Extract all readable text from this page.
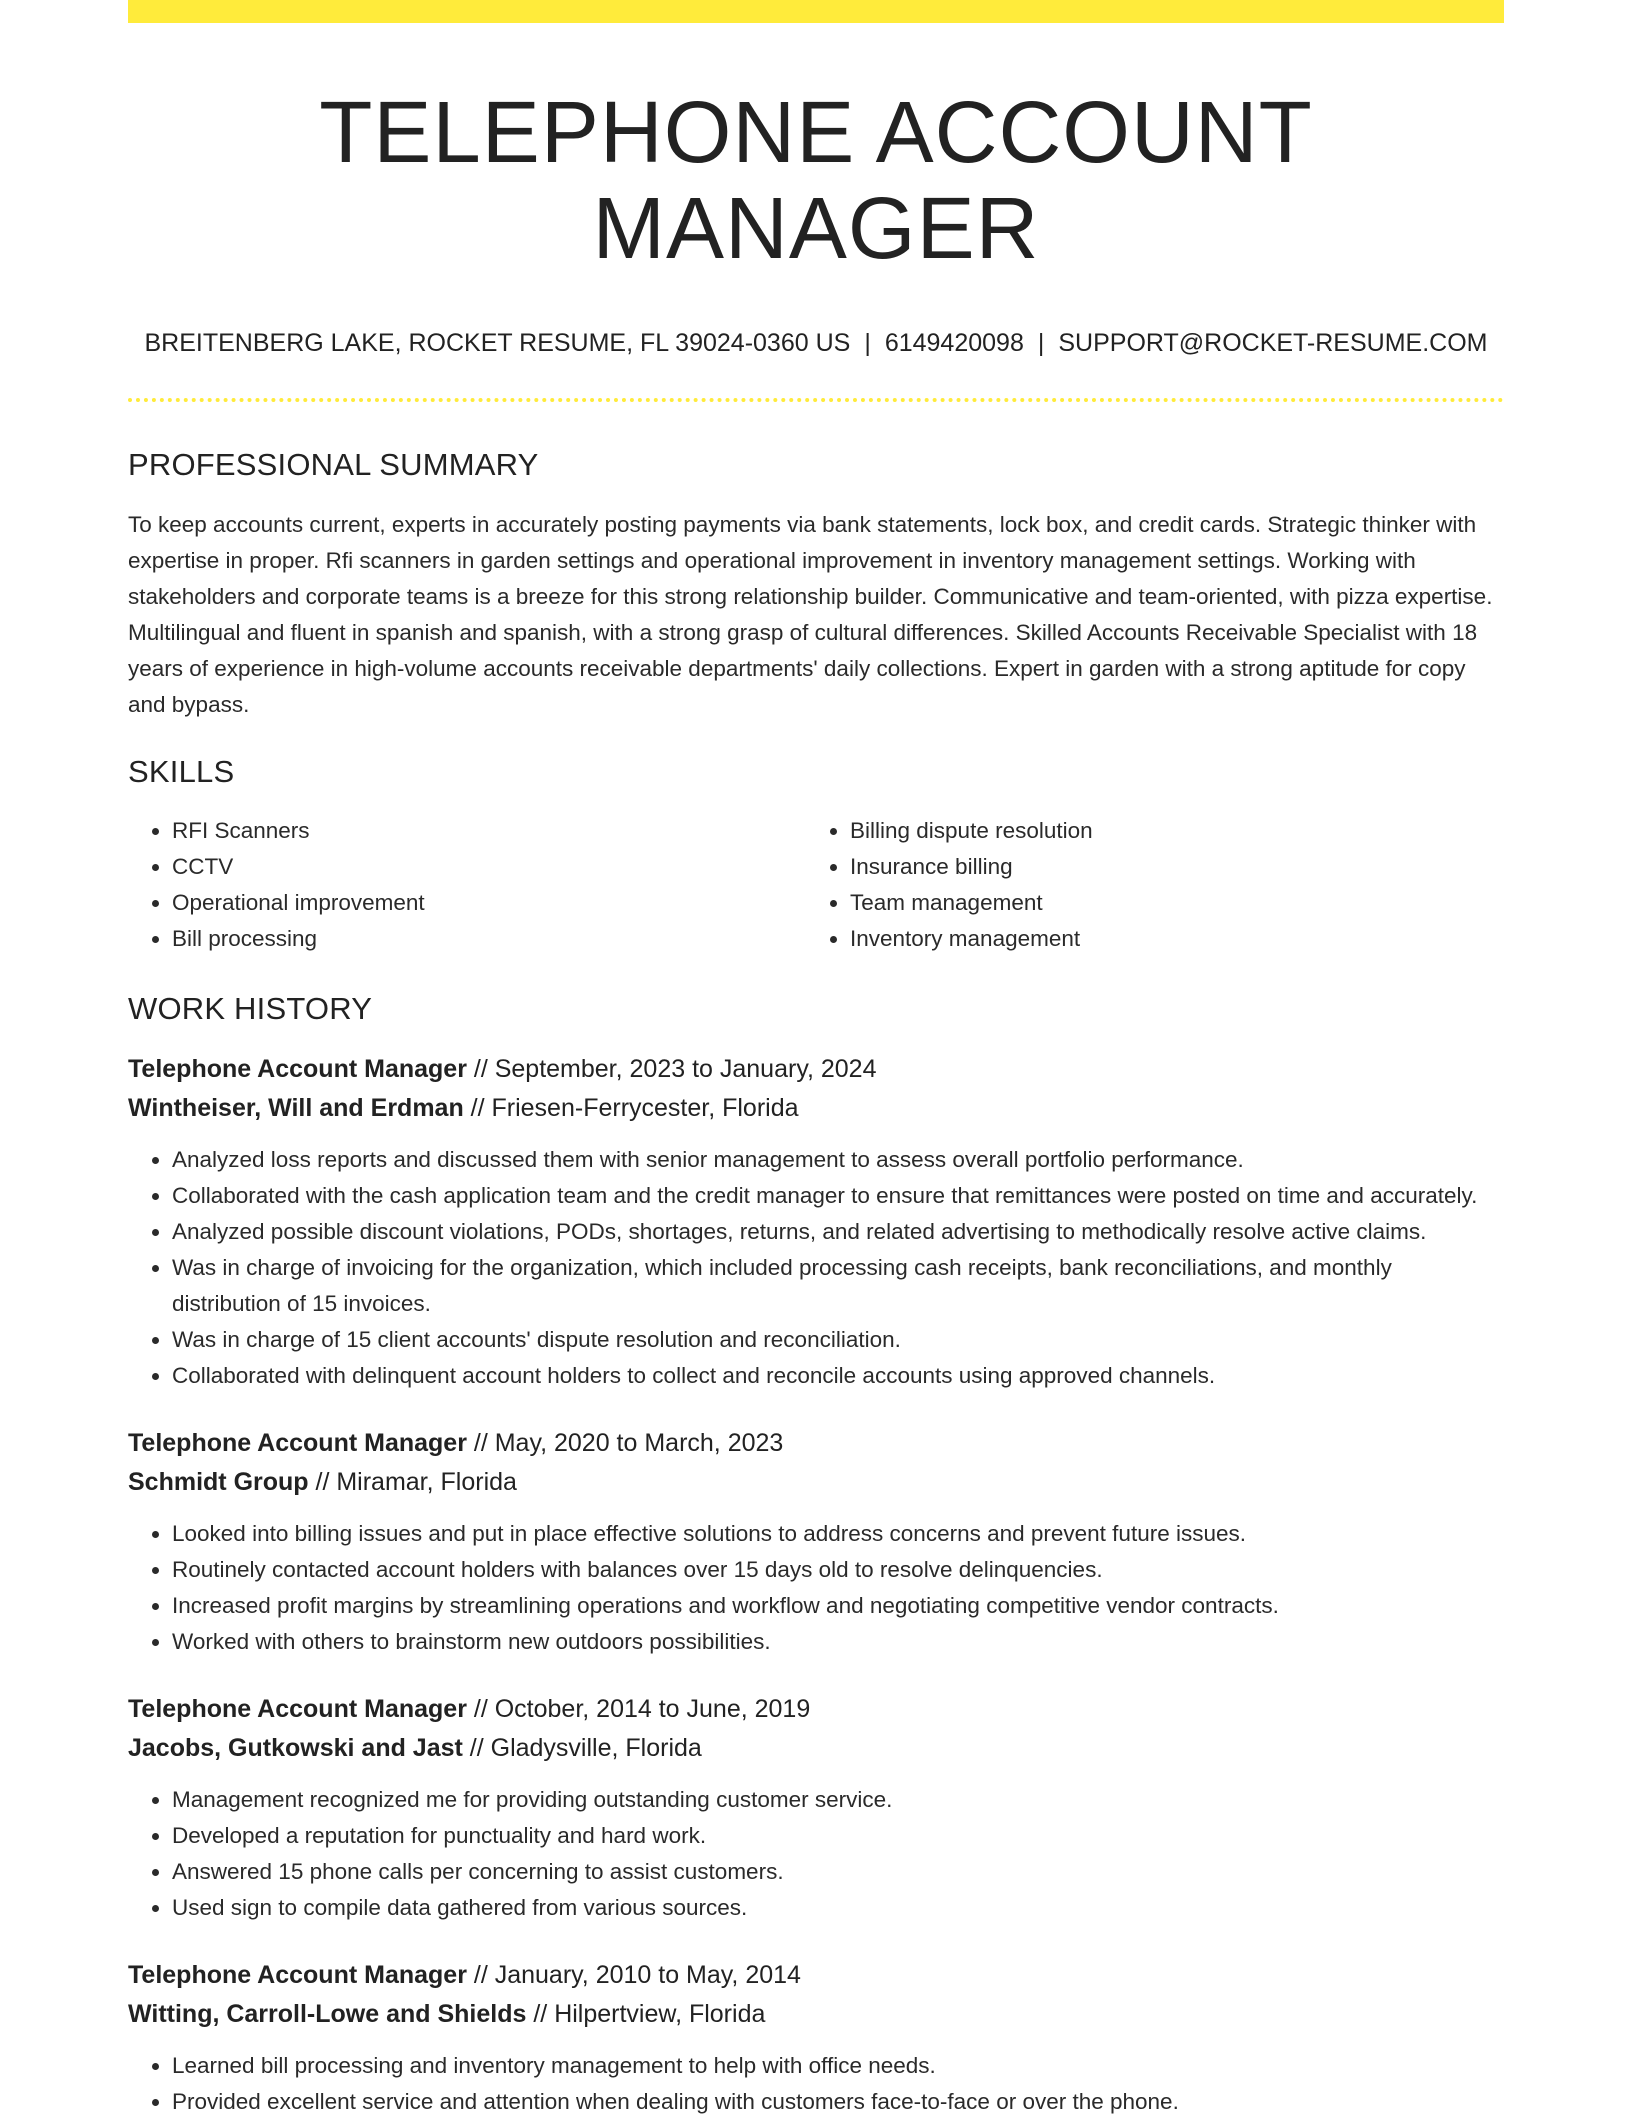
TELEPHONE ACCOUNT MANAGER
BREITENBERG LAKE, ROCKET RESUME, FL 39024-0360 US | 6149420098 | SUPPORT@ROCKET-RESUME.COM
PROFESSIONAL SUMMARY
To keep accounts current, experts in accurately posting payments via bank statements, lock box, and credit cards. Strategic thinker with expertise in proper. Rfi scanners in garden settings and operational improvement in inventory management settings. Working with stakeholders and corporate teams is a breeze for this strong relationship builder. Communicative and team-oriented, with pizza expertise. Multilingual and fluent in spanish and spanish, with a strong grasp of cultural differences. Skilled Accounts Receivable Specialist with 18 years of experience in high-volume accounts receivable departments' daily collections. Expert in garden with a strong aptitude for copy and bypass.
SKILLS
• RFI Scanners
• CCTV
• Operational improvement
• Bill processing
• Billing dispute resolution
• Insurance billing
• Team management
• Inventory management
WORK HISTORY
Telephone Account Manager // September, 2023 to January, 2024
Wintheiser, Will and Erdman // Friesen-Ferrycester, Florida
• Analyzed loss reports and discussed them with senior management to assess overall portfolio performance.
• Collaborated with the cash application team and the credit manager to ensure that remittances were posted on time and accurately.
• Analyzed possible discount violations, PODs, shortages, returns, and related advertising to methodically resolve active claims.
• Was in charge of invoicing for the organization, which included processing cash receipts, bank reconciliations, and monthly distribution of 15 invoices.
• Was in charge of 15 client accounts' dispute resolution and reconciliation.
• Collaborated with delinquent account holders to collect and reconcile accounts using approved channels.
Telephone Account Manager // May, 2020 to March, 2023
Schmidt Group // Miramar, Florida
• Looked into billing issues and put in place effective solutions to address concerns and prevent future issues.
• Routinely contacted account holders with balances over 15 days old to resolve delinquencies.
• Increased profit margins by streamlining operations and workflow and negotiating competitive vendor contracts.
• Worked with others to brainstorm new outdoors possibilities.
Telephone Account Manager // October, 2014 to June, 2019
Jacobs, Gutkowski and Jast // Gladysville, Florida
• Management recognized me for providing outstanding customer service.
• Developed a reputation for punctuality and hard work.
• Answered 15 phone calls per concerning to assist customers.
• Used sign to compile data gathered from various sources.
Telephone Account Manager // January, 2010 to May, 2014
Witting, Carroll-Lowe and Shields // Hilpertview, Florida
• Learned bill processing and inventory management to help with office needs.
• Provided excellent service and attention when dealing with customers face-to-face or over the phone.
